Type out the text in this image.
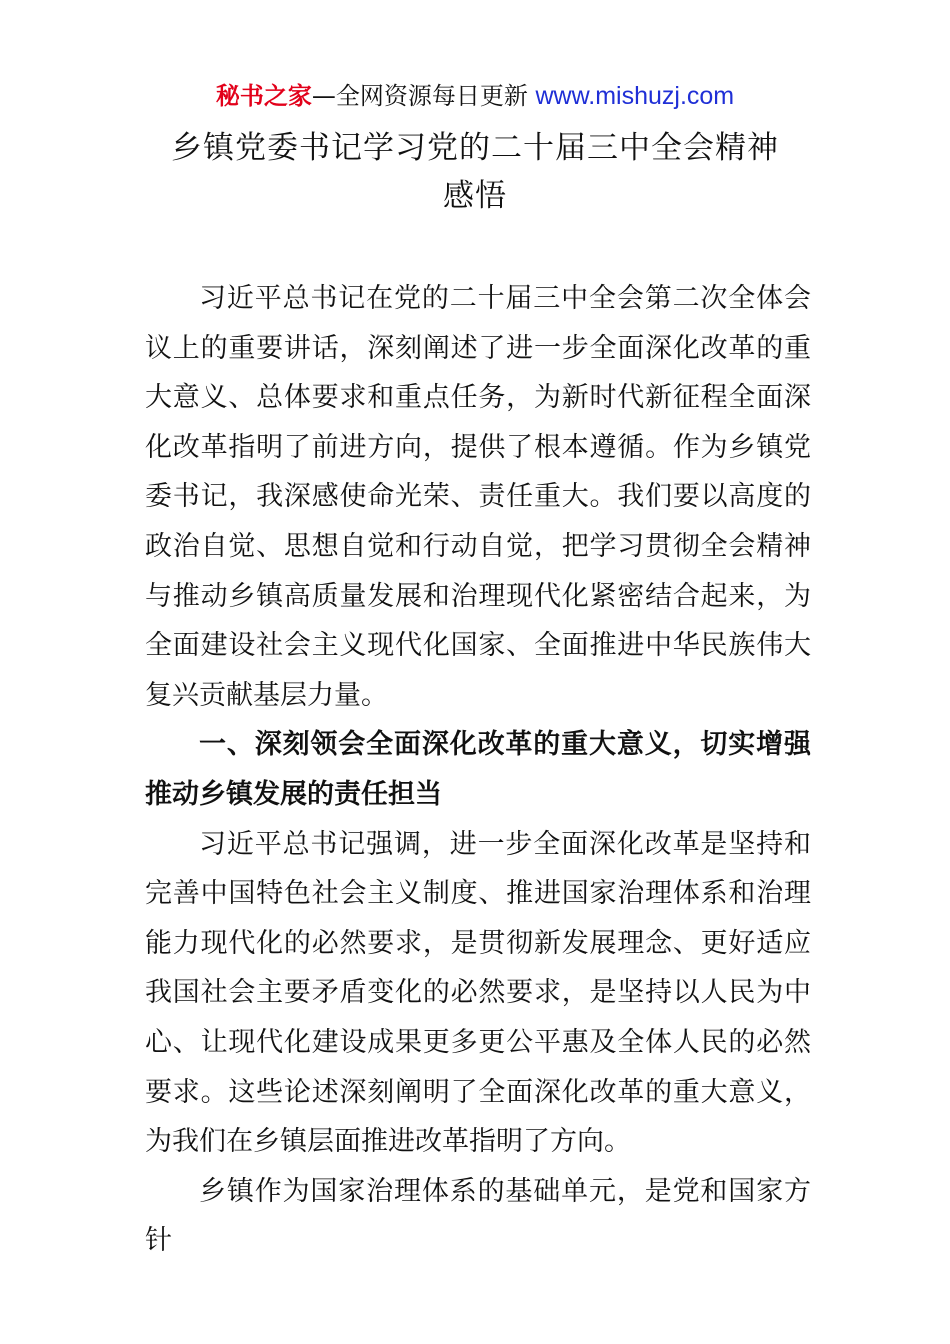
秘书之家—全网资源每日更新 www.mishuzj.com
乡镇党委书记学习党的二十届三中全会精神
感悟

习近平总书记在党的二十届三中全会第二次全体会议上的重要讲话，深刻阐述了进一步全面深化改革的重大意义、总体要求和重点任务，为新时代新征程全面深化改革指明了前进方向，提供了根本遵循。作为乡镇党委书记，我深感使命光荣、责任重大。我们要以高度的政治自觉、思想自觉和行动自觉，把学习贯彻全会精神与推动乡镇高质量发展和治理现代化紧密结合起来，为全面建设社会主义现代化国家、全面推进中华民族伟大复兴贡献基层力量。

一、深刻领会全面深化改革的重大意义，切实增强推动乡镇发展的责任担当

习近平总书记强调，进一步全面深化改革是坚持和完善中国特色社会主义制度、推进国家治理体系和治理能力现代化的必然要求，是贯彻新发展理念、更好适应我国社会主要矛盾变化的必然要求，是坚持以人民为中心、让现代化建设成果更多更公平惠及全体人民的必然要求。这些论述深刻阐明了全面深化改革的重大意义，为我们在乡镇层面推进改革指明了方向。

乡镇作为国家治理体系的基础单元，是党和国家方针
